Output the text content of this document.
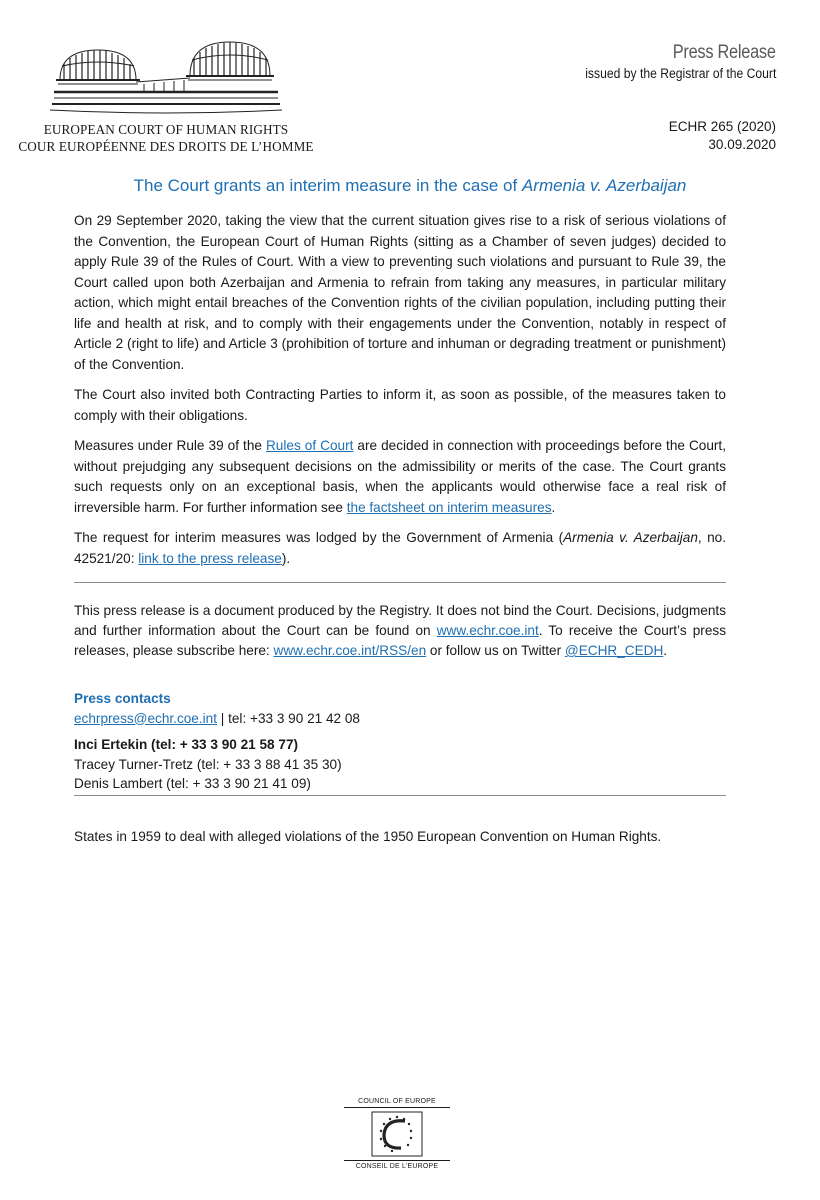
EUROPEAN COURT OF HUMAN RIGHTS
COUR EUROPÉENNE DES DROITS DE L’HOMME
Press Release
issued by the Registrar of the Court
ECHR 265 (2020)
30.09.2020
The Court grants an interim measure in the case of Armenia v. Azerbaijan

On 29 September 2020, taking the view that the current situation gives rise to a risk of serious violations of the Convention, the European Court of Human Rights (sitting as a Chamber of seven judges) decided to apply Rule 39 of the Rules of Court. With a view to preventing such violations and pursuant to Rule 39, the Court called upon both Azerbaijan and Armenia to refrain from taking any measures, in particular military action, which might entail breaches of the Convention rights of the civilian population, including putting their life and health at risk, and to comply with their engagements under the Convention, notably in respect of Article 2 (right to life) and Article 3 (prohibition of torture and inhuman or degrading treatment or punishment) of the Convention.

The Court also invited both Contracting Parties to inform it, as soon as possible, of the measures taken to comply with their obligations.

Measures under Rule 39 of the Rules of Court are decided in connection with proceedings before the Court, without prejudging any subsequent decisions on the admissibility or merits of the case. The Court grants such requests only on an exceptional basis, when the applicants would otherwise face a real risk of irreversible harm. For further information see the factsheet on interim measures.

The request for interim measures was lodged by the Government of Armenia (Armenia v. Azerbaijan, no. 42521/20: link to the press release).

This press release is a document produced by the Registry. It does not bind the Court. Decisions, judgments and further information about the Court can be found on www.echr.coe.int. To receive the Court’s press releases, please subscribe here: www.echr.coe.int/RSS/en or follow us on Twitter @ECHR_CEDH.
Press contacts
echrpress@echr.coe.int | tel: +33 3 90 21 42 08
Inci Ertekin (tel: + 33 3 90 21 58 77)
Tracey Turner-Tretz (tel: + 33 3 88 41 35 30)
Denis Lambert (tel: + 33 3 90 21 41 09)
States in 1959 to deal with alleged violations of the 1950 European Convention on Human Rights.
COUNCIL OF EUROPE
CONSEIL DE L’EUROPE
